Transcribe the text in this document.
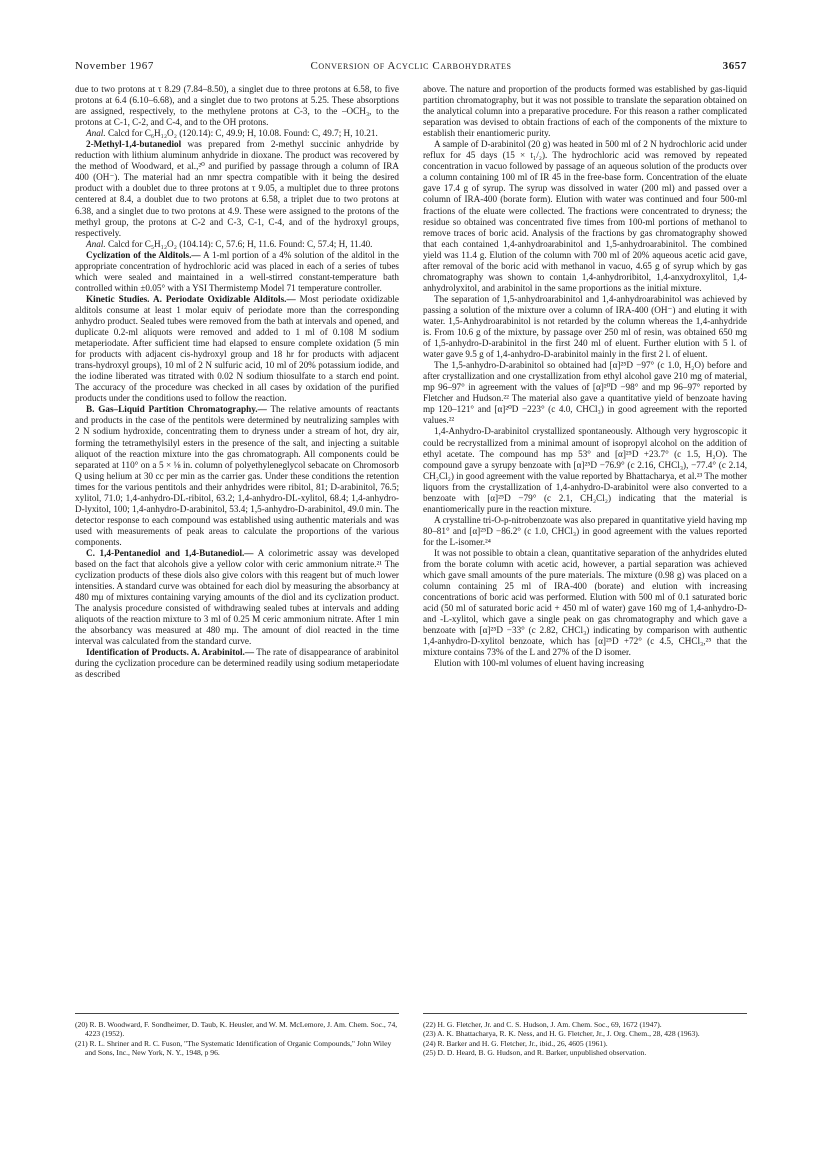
November 1967	Conversion of Acyclic Carbohydrates	3657

due to two protons at τ 8.29 (7.84–8.50), a singlet due to three protons at 6.58, to five protons at 6.4 (6.10–6.68), and a singlet due to two protons at 5.25. These absorptions are assigned, respectively, to the methylene protons at C-3, to the –OCH₃, to the protons at C-1, C-2, and C-4, and to the OH protons.

Anal. Calcd for C₆H₁₂O₂ (120.14): C, 49.9; H, 10.08. Found: C, 49.7; H, 10.21.

2-Methyl-1,4-butanediol was prepared from 2-methyl succinic anhydride by reduction with lithium aluminum anhydride in dioxane. The product was recovered by the method of Woodward, et al.,²⁰ and purified by passage through a column of IRA 400 (OH⁻). The material had an nmr spectra compatible with it being the desired product with a doublet due to three protons at τ 9.05, a multiplet due to three protons centered at 8.4, a doublet due to two protons at 6.58, a triplet due to two protons at 6.38, and a singlet due to two protons at 4.9. These were assigned to the protons of the methyl group, the protons at C-2 and C-3, C-1, C-4, and of the hydroxyl groups, respectively.

Anal. Calcd for C₅H₁₂O₂ (104.14): C, 57.6; H, 11.6. Found: C, 57.4; H, 11.40.

Cyclization of the Alditols.— A 1-ml portion of a 4% solution of the alditol in the appropriate concentration of hydrochloric acid was placed in each of a series of tubes which were sealed and maintained in a well-stirred constant-temperature bath controlled within ±0.05° with a YSI Thermistemp Model 71 temperature controller.

Kinetic Studies. A. Periodate Oxidizable Alditols.— Most periodate oxidizable alditols consume at least 1 molar equiv of periodate more than the corresponding anhydro product. Sealed tubes were removed from the bath at intervals and opened, and duplicate 0.2-ml aliquots were removed and added to 1 ml of 0.108 M sodium metaperiodate. After sufficient time had elapsed to ensure complete oxidation (5 min for products with adjacent cis-hydroxyl group and 18 hr for products with adjacent trans-hydroxyl groups), 10 ml of 2 N sulfuric acid, 10 ml of 20% potassium iodide, and the iodine liberated was titrated with 0.02 N sodium thiosulfate to a starch end point. The accuracy of the procedure was checked in all cases by oxidation of the purified products under the conditions used to follow the reaction.

B. Gas–Liquid Partition Chromatography.— The relative amounts of reactants and products in the case of the pentitols were determined by neutralizing samples with 2 N sodium hydroxide, concentrating them to dryness under a stream of hot, dry air, forming the tetramethylsilyl esters in the presence of the salt, and injecting a suitable aliquot of the reaction mixture into the gas chromatograph. All components could be separated at 110° on a 5 × ⅛ in. column of polyethyleneglycol sebacate on Chromosorb Q using helium at 30 cc per min as the carrier gas. Under these conditions the retention times for the various pentitols and their anhydrides were ribitol, 81; D-arabinitol, 76.5; xylitol, 71.0; 1,4-anhydro-DL-ribitol, 63.2; 1,4-anhydro-DL-xylitol, 68.4; 1,4-anhydro-D-lyxitol, 100; 1,4-anhydro-D-arabinitol, 53.4; 1,5-anhydro-D-arabinitol, 49.0 min. The detector response to each compound was established using authentic materials and was used with measurements of peak areas to calculate the proportions of the various components.

C. 1,4-Pentanediol and 1,4-Butanediol.— A colorimetric assay was developed based on the fact that alcohols give a yellow color with ceric ammonium nitrate.²¹ The cyclization products of these diols also give colors with this reagent but of much lower intensities. A standard curve was obtained for each diol by measuring the absorbancy at 480 mμ of mixtures containing varying amounts of the diol and its cyclization product. The analysis procedure consisted of withdrawing sealed tubes at intervals and adding aliquots of the reaction mixture to 3 ml of 0.25 M ceric ammonium nitrate. After 1 min the absorbancy was measured at 480 mμ. The amount of diol reacted in the time interval was calculated from the standard curve.

Identification of Products. A. Arabinitol.— The rate of disappearance of arabinitol during the cyclization procedure can be determined readily using sodium metaperiodate as described

above. The nature and proportion of the products formed was established by gas-liquid partition chromatography, but it was not possible to translate the separation obtained on the analytical column into a preparative procedure. For this reason a rather complicated separation was devised to obtain fractions of each of the components of the mixture to establish their enantiomeric purity.

A sample of D-arabinitol (20 g) was heated in 500 ml of 2 N hydrochloric acid under reflux for 45 days (15 × t₁/₂). The hydrochloric acid was removed by repeated concentration in vacuo followed by passage of an aqueous solution of the products over a column containing 100 ml of IR 45 in the free-base form. Concentration of the eluate gave 17.4 g of syrup. The syrup was dissolved in water (200 ml) and passed over a column of IRA-400 (borate form). Elution with water was continued and four 500-ml fractions of the eluate were collected. The fractions were concentrated to dryness; the residue so obtained was concentrated five times from 100-ml portions of methanol to remove traces of boric acid. Analysis of the fractions by gas chromatography showed that each contained 1,4-anhydroarabinitol and 1,5-anhydroarabinitol. The combined yield was 11.4 g. Elution of the column with 700 ml of 20% aqueous acetic acid gave, after removal of the boric acid with methanol in vacuo, 4.65 g of syrup which by gas chromatography was shown to contain 1,4-anhydroribitol, 1,4-anxydroxylitol, 1,4-anhydrolyxitol, and arabinitol in the same proportions as the initial mixture.

The separation of 1,5-anhydroarabinitol and 1,4-anhydroarabinitol was achieved by passing a solution of the mixture over a column of IRA-400 (OH⁻) and eluting it with water. 1,5-Anhydroarabinitol is not retarded by the column whereas the 1,4-anhydride is. From 10.6 g of the mixture, by passage over 250 ml of resin, was obtained 650 mg of 1,5-anhydro-D-arabinitol in the first 240 ml of eluent. Further elution with 5 l. of water gave 9.5 g of 1,4-anhydro-D-arabinitol mainly in the first 2 l. of eluent.

The 1,5-anhydro-D-arabinitol so obtained had [α]²⁵D −97° (c 1.0, H₂O) before and after crystallization and one crystallization from ethyl alcohol gave 210 mg of material, mp 96–97° in agreement with the values of [α]²⁰D −98° and mp 96–97° reported by Fletcher and Hudson.²² The material also gave a quantitative yield of benzoate having mp 120–121° and [α]²⁰D −223° (c 4.0, CHCl₃) in good agreement with the reported values.²²

1,4-Anhydro-D-arabinitol crystallized spontaneously. Although very hygroscopic it could be recrystallized from a minimal amount of isopropyl alcohol on the addition of ethyl acetate. The compound has mp 53° and [α]²⁵D +23.7° (c 1.5, H₂O). The compound gave a syrupy benzoate with [α]²⁵D −76.9° (c 2.16, CHCl₃), −77.4° (c 2.14, CH₂Cl₂) in good agreement with the value reported by Bhattacharya, et al.²³ The mother liquors from the crystallization of 1,4-anhydro-D-arabinitol were also converted to a benzoate with [α]²⁵D −79° (c 2.1, CH₂Cl₂) indicating that the material is enantiomerically pure in the reaction mixture.

A crystalline tri-O-p-nitrobenzoate was also prepared in quantitative yield having mp 80–81° and [α]²⁵D −86.2° (c 1.0, CHCl₃) in good agreement with the values reported for the L-isomer.²⁴

It was not possible to obtain a clean, quantitative separation of the anhydrides eluted from the borate column with acetic acid, however, a partial separation was achieved which gave small amounts of the pure materials. The mixture (0.98 g) was placed on a column containing 25 ml of IRA-400 (borate) and elution with increasing concentrations of boric acid was performed. Elution with 500 ml of 0.1 saturated boric acid (50 ml of saturated boric acid + 450 ml of water) gave 160 mg of 1,4-anhydro-D- and -L-xylitol, which gave a single peak on gas chromatography and which gave a benzoate with [α]²⁵D −33° (c 2.82, CHCl₃) indicating by comparison with authentic 1,4-anhydro-D-xylitol benzoate, which has [α]²⁵D +72° (c 4.5, CHCl₃,²⁵ that the mixture contains 73% of the L and 27% of the D isomer.

Elution with 100-ml volumes of eluent having increasing

(20) R. B. Woodward, F. Sondheimer, D. Taub, K. Heusler, and W. M. McLemore, J. Am. Chem. Soc., 74, 4223 (1952).

(21) R. L. Shriner and R. C. Fuson, "The Systematic Identification of Organic Compounds," John Wiley and Sons, Inc., New York, N. Y., 1948, p 96.

(22) H. G. Fletcher, Jr. and C. S. Hudson, J. Am. Chem. Soc., 69, 1672 (1947).

(23) A. K. Bhattacharya, R. K. Ness, and H. G. Fletcher, Jr., J. Org. Chem., 28, 428 (1963).

(24) R. Barker and H. G. Fletcher, Jr., ibid., 26, 4605 (1961).

(25) D. D. Heard, B. G. Hudson, and R. Barker, unpublished observation.
